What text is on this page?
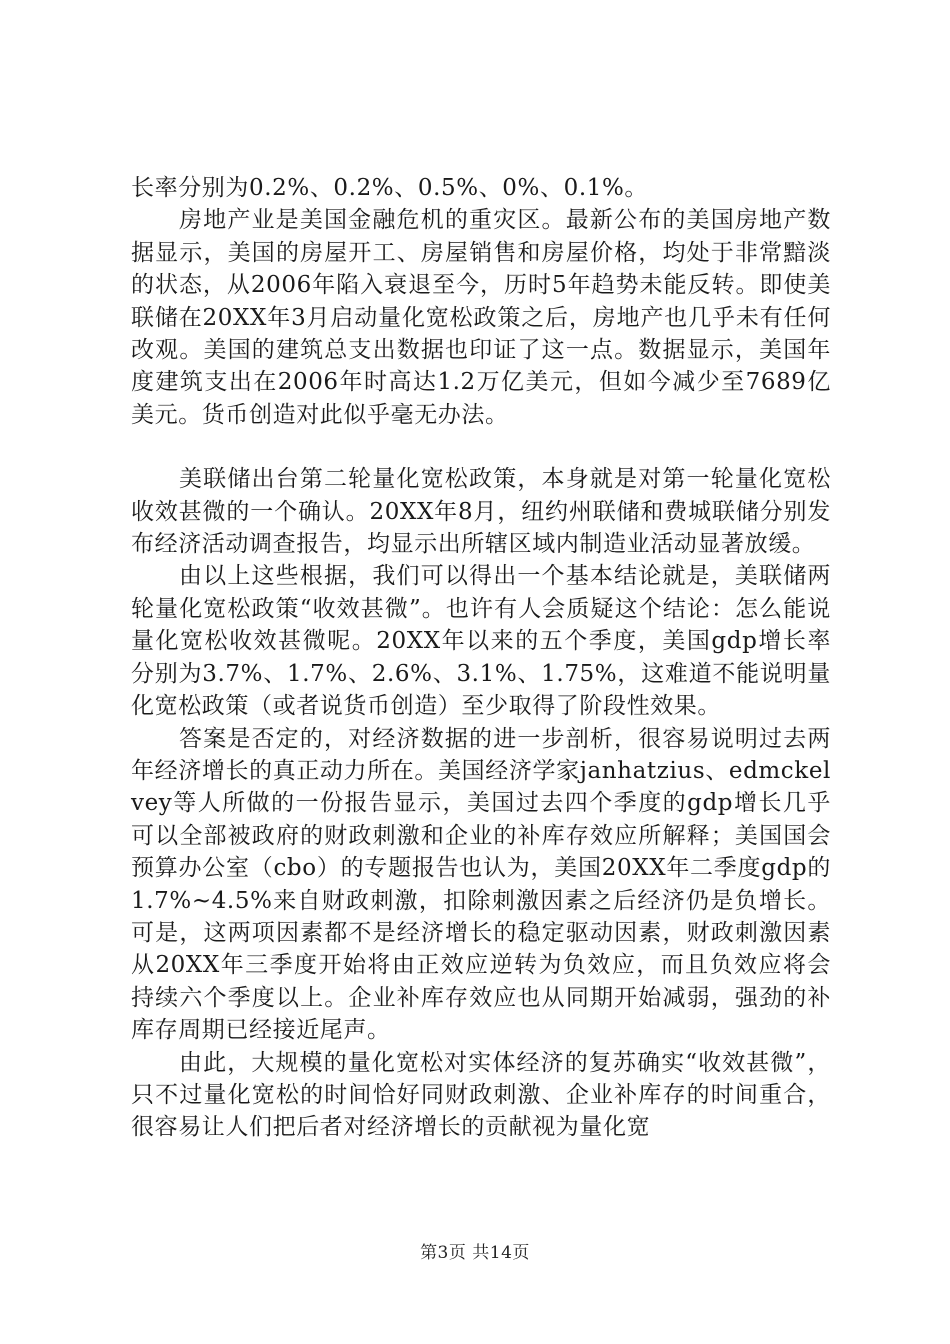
长率分别为0.2%、0.2%、0.5%、0%、0.1%。

房地产业是美国金融危机的重灾区。最新公布的美国房地产数据显示，美国的房屋开工、房屋销售和房屋价格，均处于非常黯淡的状态，从2006年陷入衰退至今，历时5年趋势未能反转。即使美联储在20XX年3月启动量化宽松政策之后，房地产也几乎未有任何改观。美国的建筑总支出数据也印证了这一点。数据显示，美国年度建筑支出在2006年时高达1.2万亿美元，但如今减少至7689亿美元。货币创造对此似乎毫无办法。

美联储出台第二轮量化宽松政策，本身就是对第一轮量化宽松收效甚微的一个确认。20XX年8月，纽约州联储和费城联储分别发布经济活动调查报告，均显示出所辖区域内制造业活动显著放缓。

由以上这些根据，我们可以得出一个基本结论就是，美联储两轮量化宽松政策“收效甚微”。也许有人会质疑这个结论：怎么能说量化宽松收效甚微呢。20XX年以来的五个季度，美国gdp增长率分别为3.7%、1.7%、2.6%、3.1%、1.75%，这难道不能说明量化宽松政策（或者说货币创造）至少取得了阶段性效果。

答案是否定的，对经济数据的进一步剖析，很容易说明过去两年经济增长的真正动力所在。美国经济学家janhatzius、edmckelvey等人所做的一份报告显示，美国过去四个季度的gdp增长几乎可以全部被政府的财政刺激和企业的补库存效应所解释；美国国会预算办公室（cbo）的专题报告也认为，美国20XX年二季度gdp的1.7%~4.5%来自财政刺激，扣除刺激因素之后经济仍是负增长。可是，这两项因素都不是经济增长的稳定驱动因素，财政刺激因素从20XX年三季度开始将由正效应逆转为负效应，而且负效应将会持续六个季度以上。企业补库存效应也从同期开始减弱，强劲的补库存周期已经接近尾声。

由此，大规模的量化宽松对实体经济的复苏确实“收效甚微”，只不过量化宽松的时间恰好同财政刺激、企业补库存的时间重合，很容易让人们把后者对经济增长的贡献视为量化宽

第3页 共14页
